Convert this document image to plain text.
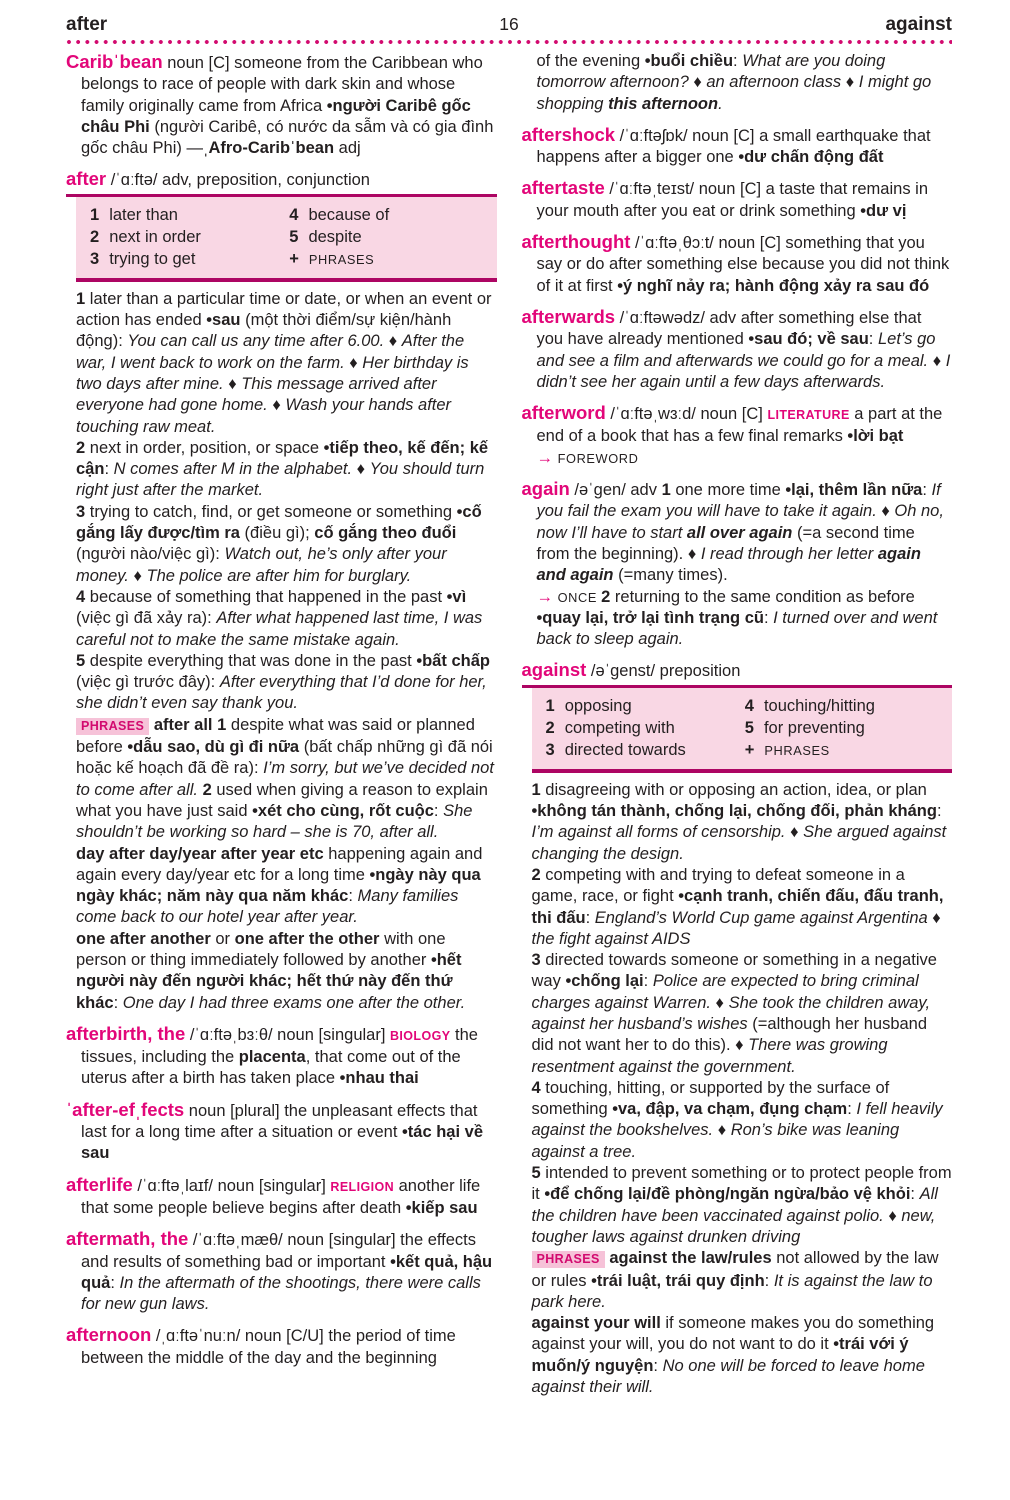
after	16	against
Caribˈbean noun [C] someone from the Caribbean who belongs to race of people with dark skin and whose family originally came from Africa •người Caribê gốc châu Phi (người Caribê, có nước da sẫm và có gia đình gốc châu Phi) —ˌAfro-Caribˈbean adj
after /ˈɑːftə/ adv, preposition, conjunction
1 later than
2 next in order
3 trying to get
4 because of
5 despite
+ PHRASES
1 later than a particular time or date, or when an event or action has ended •sau (một thời điểm/sự kiện/hành động): You can call us any time after 6.00. ♦ After the war, I went back to work on the farm. ♦ Her birthday is two days after mine. ♦ This message arrived after everyone had gone home. ♦ Wash your hands after touching raw meat.
2 next in order, position, or space •tiếp theo, kế đến; kế cận: N comes after M in the alphabet. ♦ You should turn right just after the market.
3 trying to catch, find, or get someone or something •cố gắng lấy được/tìm ra (điều gì); cố gắng theo đuổi (người nào/việc gì): Watch out, he’s only after your money. ♦ The police are after him for burglary.
4 because of something that happened in the past •vì (việc gì đã xảy ra): After what happened last time, I was careful not to make the same mistake again.
5 despite everything that was done in the past •bất chấp (việc gì trước đây): After everything that I’d done for her, she didn’t even say thank you.
PHRASES after all 1 despite what was said or planned before •dẫu sao, dù gì đi nữa (bất chấp những gì đã nói hoặc kế hoạch đã đề ra): I’m sorry, but we’ve decided not to come after all. 2 used when giving a reason to explain what you have just said •xét cho cùng, rốt cuộc: She shouldn’t be working so hard – she is 70, after all.
day after day/year after year etc happening again and again every day/year etc for a long time •ngày này qua ngày khác; năm này qua năm khác: Many families come back to our hotel year after year.
one after another or one after the other with one person or thing immediately followed by another •hết người này đến người khác; hết thứ này đến thứ khác: One day I had three exams one after the other.
afterbirth, the /ˈɑːftəˌbɜːθ/ noun [singular] BIOLOGY the tissues, including the placenta, that come out of the uterus after a birth has taken place •nhau thai
ˈafter-efˌfects noun [plural] the unpleasant effects that last for a long time after a situation or event •tác hại về sau
afterlife /ˈɑːftəˌlaɪf/ noun [singular] RELIGION another life that some people believe begins after death •kiếp sau
aftermath, the /ˈɑːftəˌmæθ/ noun [singular] the effects and results of something bad or important •kết quả, hậu quả: In the aftermath of the shootings, there were calls for new gun laws.
afternoon /ˌɑːftəˈnuːn/ noun [C/U] the period of time between the middle of the day and the beginning
of the evening •buổi chiều: What are you doing tomorrow afternoon? ♦ an afternoon class ♦ I might go shopping this afternoon.
aftershock /ˈɑːftəʃɒk/ noun [C] a small earthquake that happens after a bigger one •dư chấn động đất
aftertaste /ˈɑːftəˌteɪst/ noun [C] a taste that remains in your mouth after you eat or drink something •dư vị
afterthought /ˈɑːftəˌθɔːt/ noun [C] something that you say or do after something else because you did not think of it at first •ý nghĩ nảy ra; hành động xảy ra sau đó
afterwards /ˈɑːftəwədz/ adv after something else that you have already mentioned •sau đó; về sau: Let’s go and see a film and afterwards we could go for a meal. ♦ I didn’t see her again until a few days afterwards.
afterword /ˈɑːftəˌwɜːd/ noun [C] LITERATURE a part at the end of a book that has a few final remarks •lời bạt
→ FOREWORD
again /əˈgen/ adv 1 one more time •lại, thêm lần nữa: If you fail the exam you will have to take it again. ♦ Oh no, now I’ll have to start all over again (=a second time from the beginning). ♦ I read through her letter again and again (=many times).
→ ONCE 2 returning to the same condition as before •quay lại, trở lại tình trạng cũ: I turned over and went back to sleep again.
against /əˈgenst/ preposition
1 opposing
2 competing with
3 directed towards
4 touching/hitting
5 for preventing
+ PHRASES
1 disagreeing with or opposing an action, idea, or plan •không tán thành, chống lại, chống đối, phản kháng: I’m against all forms of censorship. ♦ She argued against changing the design.
2 competing with and trying to defeat someone in a game, race, or fight •cạnh tranh, chiến đấu, đấu tranh, thi đấu: England’s World Cup game against Argentina ♦ the fight against AIDS
3 directed towards someone or something in a negative way •chống lại: Police are expected to bring criminal charges against Warren. ♦ She took the children away, against her husband’s wishes (=although her husband did not want her to do this). ♦ There was growing resentment against the government.
4 touching, hitting, or supported by the surface of something •va, đập, va chạm, đụng chạm: I fell heavily against the bookshelves. ♦ Ron’s bike was leaning against a tree.
5 intended to prevent something or to protect people from it •để chống lại/đề phòng/ngăn ngừa/bảo vệ khỏi: All the children have been vaccinated against polio. ♦ new, tougher laws against drunken driving
PHRASES against the law/rules not allowed by the law or rules •trái luật, trái quy định: It is against the law to park here.
against your will if someone makes you do something against your will, you do not want to do it •trái với ý muốn/ý nguyện: No one will be forced to leave home against their will.
